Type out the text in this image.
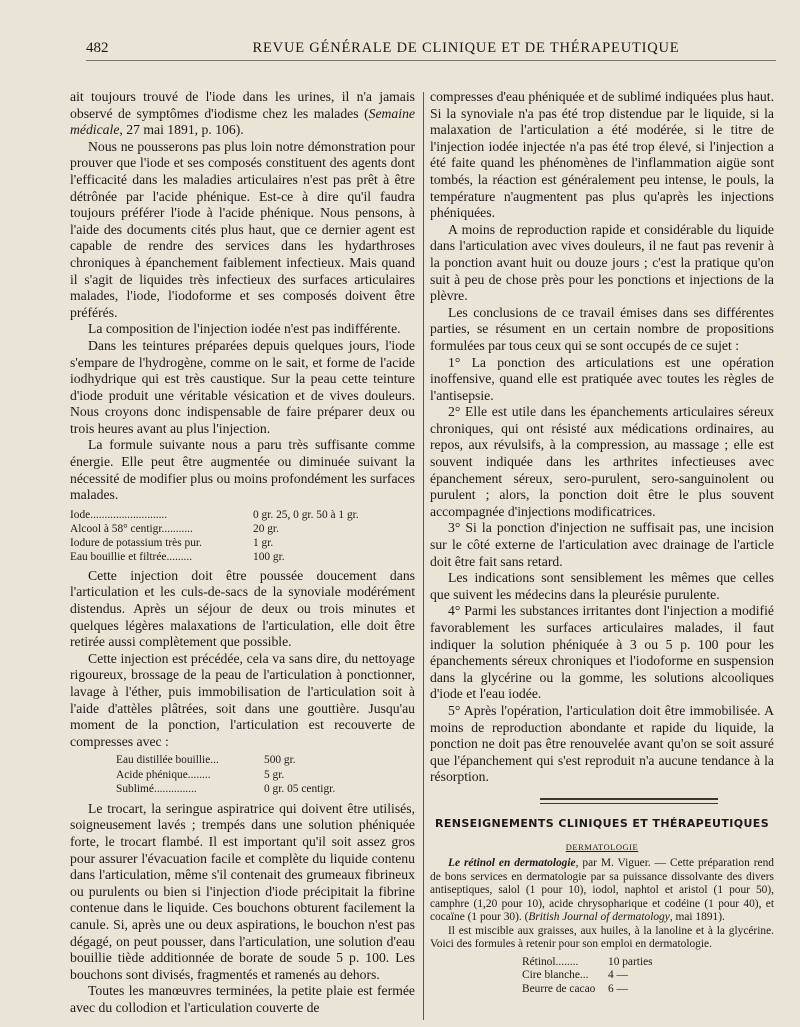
482	REVUE GÉNÉRALE DE CLINIQUE ET DE THÉRAPEUTIQUE

ait toujours trouvé de l'iode dans les urines, il n'a jamais observé de symptômes d'iodisme chez les malades (Semaine médicale, 27 mai 1891, p. 106).

Nous ne pousserons pas plus loin notre démonstration pour prouver que l'iode et ses composés constituent des agents dont l'efficacité dans les maladies articulaires n'est pas prêt à être détrônée par l'acide phénique. Est-ce à dire qu'il faudra toujours préférer l'iode à l'acide phénique. Nous pensons, à l'aide des documents cités plus haut, que ce dernier agent est capable de rendre des services dans les hydarthroses chroniques à épanchement faiblement infectieux. Mais quand il s'agit de liquides très infectieux des surfaces articulaires malades, l'iode, l'iodoforme et ses composés doivent être préférés.

La composition de l'injection iodée n'est pas indifférente.

Dans les teintures préparées depuis quelques jours, l'iode s'empare de l'hydrogène, comme on le sait, et forme de l'acide iodhydrique qui est très caustique. Sur la peau cette teinture d'iode produit une véritable vésication et de vives douleurs. Nous croyons donc indispensable de faire préparer deux ou trois heures avant au plus l'injection.

La formule suivante nous a paru très suffisante comme énergie. Elle peut être augmentée ou diminuée suivant la nécessité de modifier plus ou moins profondément les surfaces malades.

Iode...........................	0 gr. 25, 0 gr. 50 à 1 gr.
Alcool à 58° centigr...........	20 gr.
Iodure de potassium très pur.	1 gr.
Eau bouillie et filtrée.........	100 gr.

Cette injection doit être poussée doucement dans l'articulation et les culs-de-sacs de la synoviale modérément distendus. Après un séjour de deux ou trois minutes et quelques légères malaxations de l'articulation, elle doit être retirée aussi complètement que possible.

Cette injection est précédée, cela va sans dire, du nettoyage rigoureux, brossage de la peau de l'articulation à ponctionner, lavage à l'éther, puis immobilisation de l'articulation soit à l'aide d'attèles plâtrées, soit dans une gouttière. Jusqu'au moment de la ponction, l'articulation est recouverte de compresses avec :

Eau distillée bouillie...	500 gr.
Acide phénique........	5 gr.
Sublimé...............	0 gr. 05 centigr.

Le trocart, la seringue aspiratrice qui doivent être utilisés, soigneusement lavés ; trempés dans une solution phéniquée forte, le trocart flambé. Il est important qu'il soit assez gros pour assurer l'évacuation facile et complète du liquide contenu dans l'articulation, même s'il contenait des grumeaux fibrineux ou purulents ou bien si l'injection d'iode précipitait la fibrine contenue dans le liquide. Ces bouchons obturent facilement la canule. Si, après une ou deux aspirations, le bouchon n'est pas dégagé, on peut pousser, dans l'articulation, une solution d'eau bouillie tiède additionnée de borate de soude 5 p. 100. Les bouchons sont divisés, fragmentés et ramenés au dehors.

Toutes les manœuvres terminées, la petite plaie est fermée avec du collodion et l'articulation couverte de

compresses d'eau phéniquée et de sublimé indiquées plus haut. Si la synoviale n'a pas été trop distendue par le liquide, si la malaxation de l'articulation a été modérée, si le titre de l'injection iodée injectée n'a pas été trop élevé, si l'injection a été faite quand les phénomènes de l'inflammation aigüe sont tombés, la réaction est généralement peu intense, le pouls, la température n'augmentent pas plus qu'après les injections phéniquées.

A moins de reproduction rapide et considérable du liquide dans l'articulation avec vives douleurs, il ne faut pas revenir à la ponction avant huit ou douze jours ; c'est la pratique qu'on suit à peu de chose près pour les ponctions et injections de la plèvre.

Les conclusions de ce travail émises dans ses différentes parties, se résument en un certain nombre de propositions formulées par tous ceux qui se sont occupés de ce sujet :

1° La ponction des articulations est une opération inoffensive, quand elle est pratiquée avec toutes les règles de l'antisepsie.

2° Elle est utile dans les épanchements articulaires séreux chroniques, qui ont résisté aux médications ordinaires, au repos, aux révulsifs, à la compression, au massage ; elle est souvent indiquée dans les arthrites infectieuses avec épanchement séreux, sero-purulent, sero-sanguinolent ou purulent ; alors, la ponction doit être le plus souvent accompagnée d'injections modificatrices.

3° Si la ponction d'injection ne suffisait pas, une incision sur le côté externe de l'articulation avec drainage de l'article doit être fait sans retard.

Les indications sont sensiblement les mêmes que celles que suivent les médecins dans la pleurésie purulente.

4° Parmi les substances irritantes dont l'injection a modifié favorablement les surfaces articulaires malades, il faut indiquer la solution phéniquée à 3 ou 5 p. 100 pour les épanchements séreux chroniques et l'iodoforme en suspension dans la glycérine ou la gomme, les solutions alcooliques d'iode et l'eau iodée.

5° Après l'opération, l'articulation doit être immobilisée. A moins de reproduction abondante et rapide du liquide, la ponction ne doit pas être renouvelée avant qu'on se soit assuré que l'épanchement qui s'est reproduit n'a aucune tendance à la résorption.

RENSEIGNEMENTS CLINIQUES ET THÉRAPEUTIQUES
DERMATOLOGIE

Le rétinol en dermatologie, par M. Viguer. — Cette préparation rend de bons services en dermatologie par sa puissance dissolvante des divers antiseptiques, salol (1 pour 10), iodol, naphtol et aristol (1 pour 50), camphre (1,20 pour 10), acide chrysopharique et codéine (1 pour 40), et cocaïne (1 pour 30). (British Journal of dermatology, mai 1891).

Il est miscible aux graisses, aux huiles, à la lanoline et à la glycérine. Voici des formules à retenir pour son emploi en dermatologie.

Rétinol........	10 parties
Cire blanche...	4 —
Beurre de cacao	6 —
